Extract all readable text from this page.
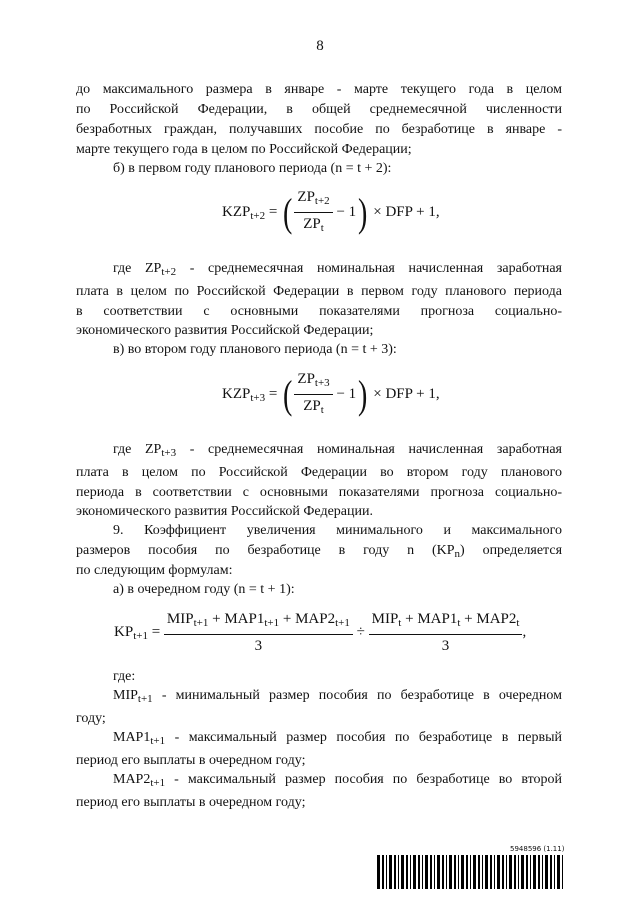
8
до максимального размера в январе - марте текущего года в целом
по Российской Федерации, в общей среднемесячной численности
безработных граждан, получавших пособие по безработице в январе -
марте текущего года в целом по Российской Федерации;
б) в первом году планового периода (n = t + 2):
$KZP_{t+2}$ = ( $\frac{ZP_{t+2}}{ZP_t} - 1$) × DFP + 1,
где $ZP_{t+2}$ - среднемесячная номинальная начисленная заработная
плата в целом по Российской Федерации в первом году планового периода
в соответствии с основными показателями прогноза социально-
экономического развития Российской Федерации;
в) во втором году планового периода (n = t + 3):
$KZP_{t+3}$ = ( $\frac{ZP_{t+3}}{ZP_t} - 1$) × DFP + 1,
где $ZP_{t+3}$ - среднемесячная номинальная начисленная заработная
плата в целом по Российской Федерации во втором году планового
периода в соответствии с основными показателями прогноза социально-
экономического развития Российской Федерации.
9. Коэффициент увеличения минимального и максимального
размеров пособия по безработице в году n $(KP_n)$ определяется
по следующим формулам:
а) в очередном году (n = t + 1):
$KP_{t+1} = \frac{MIP_{t+1} + MAP1_{t+1} + MAP2_{t+1}}{3} \div \frac{MIP_t + MAP1_t + MAP2_t}{3}$ ,
где:
$MIP_{t+1}$ - минимальный размер пособия по безработице в очередном
году;
$MAP1_{t+1}$ - максимальный размер пособия по безработице в первый
период его выплаты в очередном году;
$MAP2_{t+1}$ - максимальный размер пособия по безработице во второй
период его выплаты в очередном году;
5948596 (1.11)
